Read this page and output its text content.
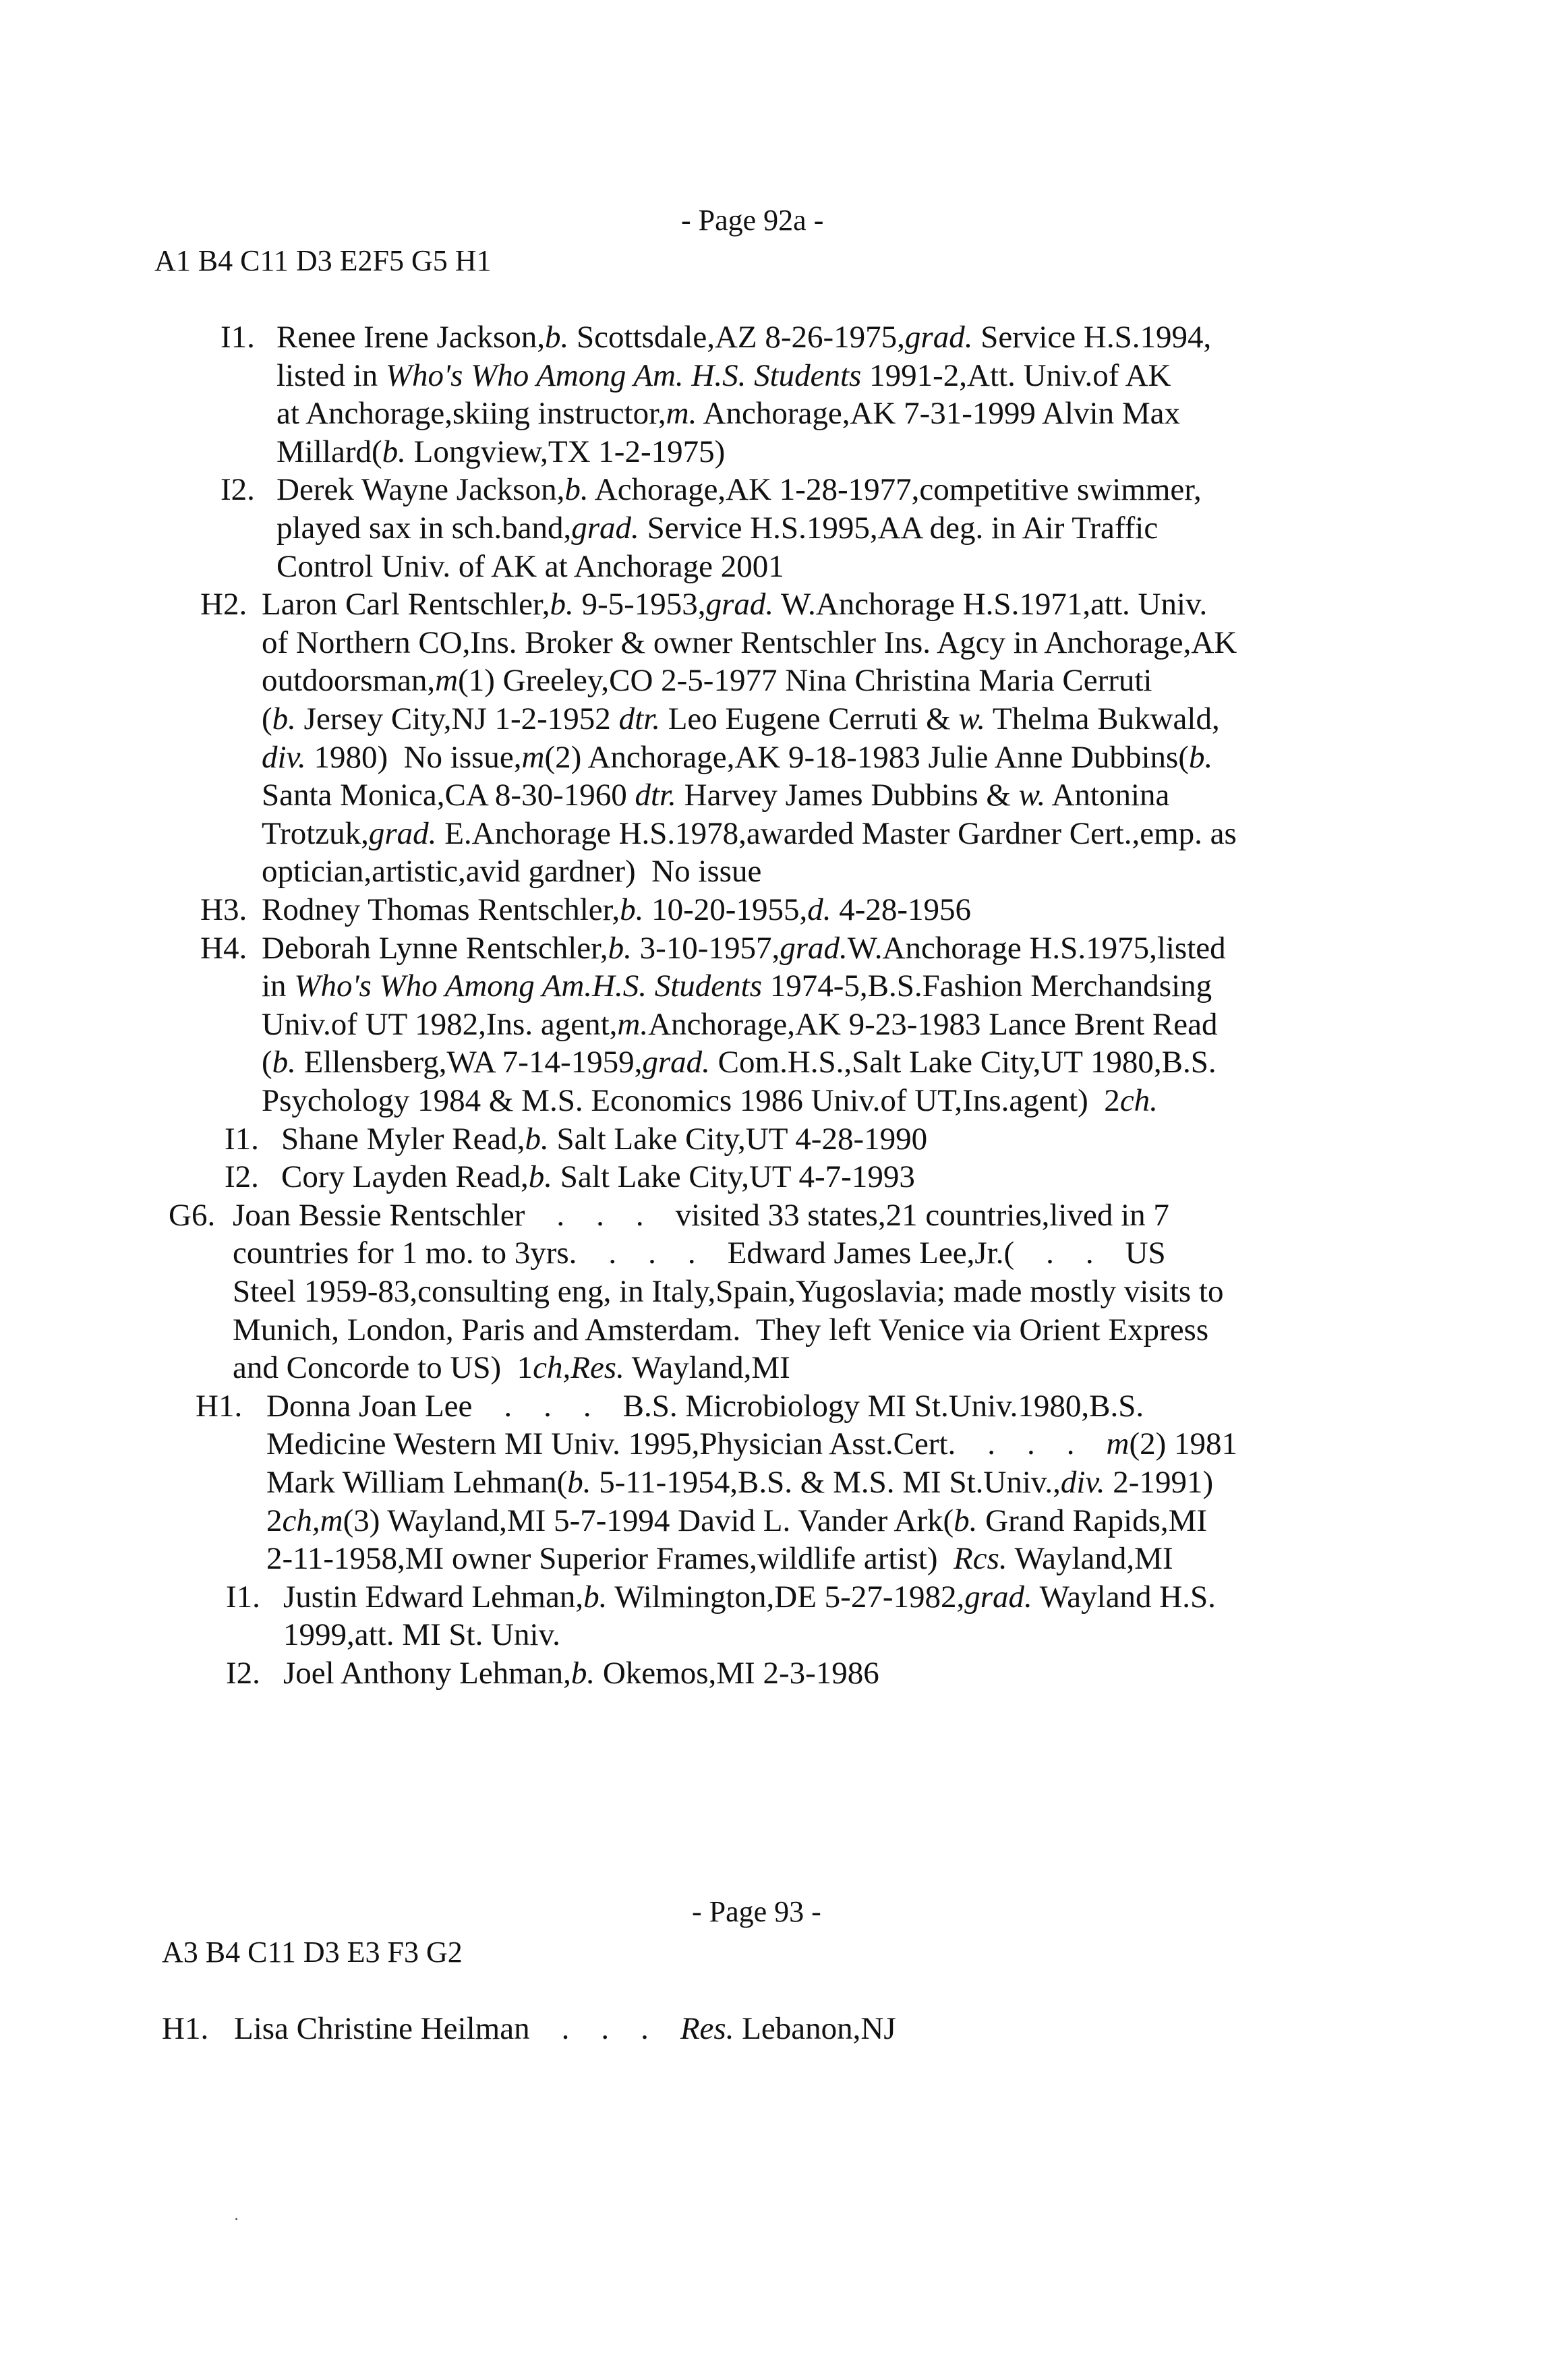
- Page 92a -
A1 B4 C11 D3 E2F5 G5 H1
I1. Renee Irene Jackson,b. Scottsdale,AZ 8-26-1975,grad. Service H.S.1994,
listed in Who's Who Among Am. H.S. Students 1991-2,Att. Univ.of AK
at Anchorage,skiing instructor,m. Anchorage,AK 7-31-1999 Alvin Max
Millard(b. Longview,TX 1-2-1975)
I2. Derek Wayne Jackson,b. Achorage,AK 1-28-1977,competitive swimmer,
played sax in sch.band,grad. Service H.S.1995,AA deg. in Air Traffic
Control Univ. of AK at Anchorage 2001
H2. Laron Carl Rentschler,b. 9-5-1953,grad. W.Anchorage H.S.1971,att. Univ.
of Northern CO,Ins. Broker & owner Rentschler Ins. Agcy in Anchorage,AK
outdoorsman,m(1) Greeley,CO 2-5-1977 Nina Christina Maria Cerruti
(b. Jersey City,NJ 1-2-1952 dtr. Leo Eugene Cerruti & w. Thelma Bukwald,
div. 1980)  No issue,m(2) Anchorage,AK 9-18-1983 Julie Anne Dubbins(b.
Santa Monica,CA 8-30-1960 dtr. Harvey James Dubbins & w. Antonina
Trotzuk,grad. E.Anchorage H.S.1978,awarded Master Gardner Cert.,emp. as
optician,artistic,avid gardner)  No issue
H3. Rodney Thomas Rentschler,b. 10-20-1955,d. 4-28-1956
H4. Deborah Lynne Rentschler,b. 3-10-1957,grad.W.Anchorage H.S.1975,listed
in Who's Who Among Am.H.S. Students 1974-5,B.S.Fashion Merchandsing
Univ.of UT 1982,Ins. agent,m.Anchorage,AK 9-23-1983 Lance Brent Read
(b. Ellensberg,WA 7-14-1959,grad. Com.H.S.,Salt Lake City,UT 1980,B.S.
Psychology 1984 & M.S. Economics 1986 Univ.of UT,Ins.agent)  2ch.
I1. Shane Myler Read,b. Salt Lake City,UT 4-28-1990
I2. Cory Layden Read,b. Salt Lake City,UT 4-7-1993
G6. Joan Bessie Rentschler    .    .    .    visited 33 states,21 countries,lived in 7
countries for 1 mo. to 3yrs.    .    .    .    Edward James Lee,Jr.(    .    .    US
Steel 1959-83,consulting eng, in Italy,Spain,Yugoslavia; made mostly visits to
Munich, London, Paris and Amsterdam.  They left Venice via Orient Express
and Concorde to US)  1ch,Res. Wayland,MI
H1. Donna Joan Lee    .    .    .    B.S. Microbiology MI St.Univ.1980,B.S.
Medicine Western MI Univ. 1995,Physician Asst.Cert.    .    .    .    m(2) 1981
Mark William Lehman(b. 5-11-1954,B.S. & M.S. MI St.Univ.,div. 2-1991)
2ch,m(3) Wayland,MI 5-7-1994 David L. Vander Ark(b. Grand Rapids,MI
2-11-1958,MI owner Superior Frames,wildlife artist)  Rcs. Wayland,MI
I1. Justin Edward Lehman,b. Wilmington,DE 5-27-1982,grad. Wayland H.S.
1999,att. MI St. Univ.
I2. Joel Anthony Lehman,b. Okemos,MI 2-3-1986
- Page 93 -
A3 B4 C11 D3 E3 F3 G2
H1. Lisa Christine Heilman    .    .    .    Res. Lebanon,NJ
